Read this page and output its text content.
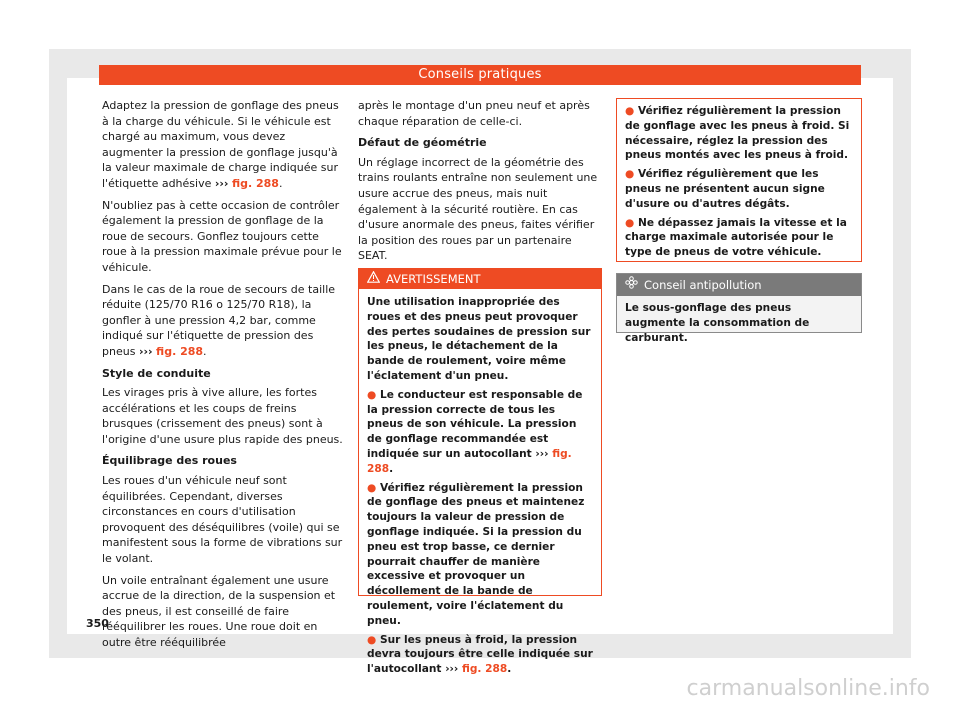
Conseils pratiques

Adaptez la pression de gonflage des pneus à la charge du véhicule. Si le véhicule est chargé au maximum, vous devez augmenter la pression de gonflage jusqu'à la valeur maximale de charge indiquée sur l'étiquette adhésive ››› fig. 288.

N'oubliez pas à cette occasion de contrôler également la pression de gonflage de la roue de secours. Gonflez toujours cette roue à la pression maximale prévue pour le véhicule.

Dans le cas de la roue de secours de taille réduite (125/70 R16 o 125/70 R18), la gonfler à une pression 4,2 bar, comme indiqué sur l'étiquette de pression des pneus ››› fig. 288.

Style de conduite

Les virages pris à vive allure, les fortes accélérations et les coups de freins brusques (crissement des pneus) sont à l'origine d'une usure plus rapide des pneus.

Équilibrage des roues

Les roues d'un véhicule neuf sont équilibrées. Cependant, diverses circonstances en cours d'utilisation provoquent des déséquilibres (voile) qui se manifestent sous la forme de vibrations sur le volant.

Un voile entraînant également une usure accrue de la direction, de la suspension et des pneus, il est conseillé de faire rééquilibrer les roues. Une roue doit en outre être rééquilibrée

après le montage d'un pneu neuf et après chaque réparation de celle-ci.

Défaut de géométrie

Un réglage incorrect de la géométrie des trains roulants entraîne non seulement une usure accrue des pneus, mais nuit également à la sécurité routière. En cas d'usure anormale des pneus, faites vérifier la position des roues par un partenaire SEAT.

AVERTISSEMENT

Une utilisation inappropriée des roues et des pneus peut provoquer des pertes soudaines de pression sur les pneus, le détachement de la bande de roulement, voire même l'éclatement d'un pneu.

● Le conducteur est responsable de la pression correcte de tous les pneus de son véhicule. La pression de gonflage recommandée est indiquée sur un autocollant ››› fig. 288.

● Vérifiez régulièrement la pression de gonflage des pneus et maintenez toujours la valeur de pression de gonflage indiquée. Si la pression du pneu est trop basse, ce dernier pourrait chauffer de manière excessive et provoquer un décollement de la bande de roulement, voire l'éclatement du pneu.

● Sur les pneus à froid, la pression devra toujours être celle indiquée sur l'autocollant ››› fig. 288.

● Vérifiez régulièrement la pression de gonflage avec les pneus à froid. Si nécessaire, réglez la pression des pneus montés avec les pneus à froid.

● Vérifiez régulièrement que les pneus ne présentent aucun signe d'usure ou d'autres dégâts.

● Ne dépassez jamais la vitesse et la charge maximale autorisée pour le type de pneus de votre véhicule.

Conseil antipollution
Le sous-gonflage des pneus augmente la consommation de carburant.
350
carmanualsonline.info
